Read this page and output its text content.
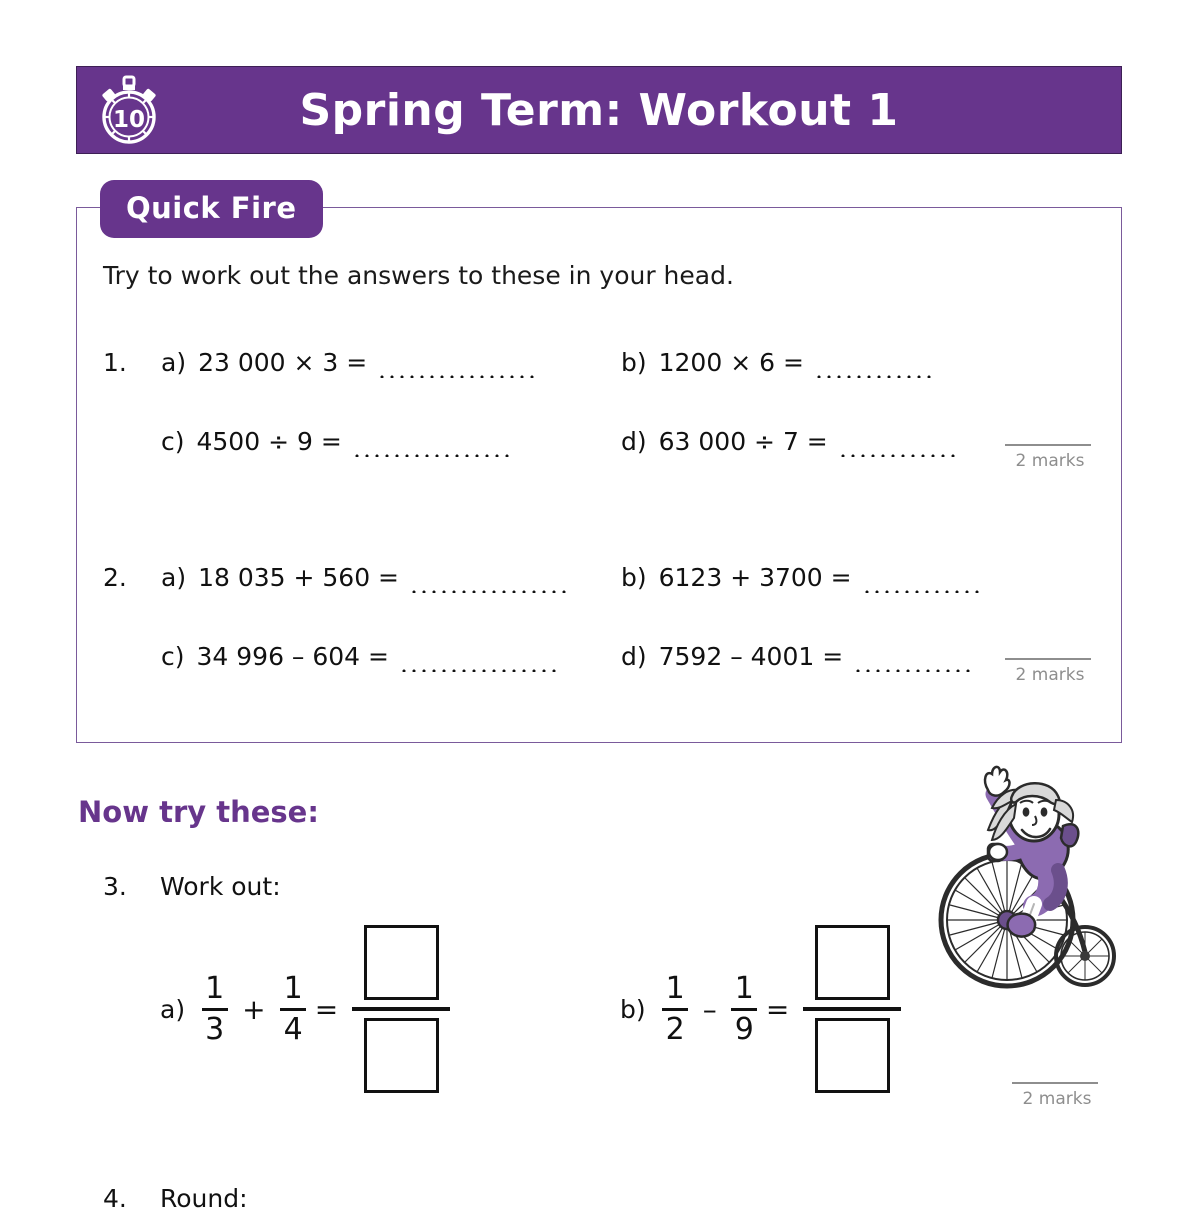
10	Spring Term: Workout 1
Quick Fire
Try to work out the answers to these in your head.
1. a) 23 000 × 3 =	b) 1200 × 6 =
c) 4500 ÷ 9 =	d) 63 000 ÷ 7 =
2 marks
2. a) 18 035 + 560 =	b) 6123 + 3700 =
c) 34 996 – 604 =	d) 7592 – 4001 =
2 marks
Now try these:
3. Work out:
$a) \frac{1}{3} + \frac{1}{4}$ =	$b) \frac{1}{2} - \frac{1}{9}$ =
2 marks
4. Round:
